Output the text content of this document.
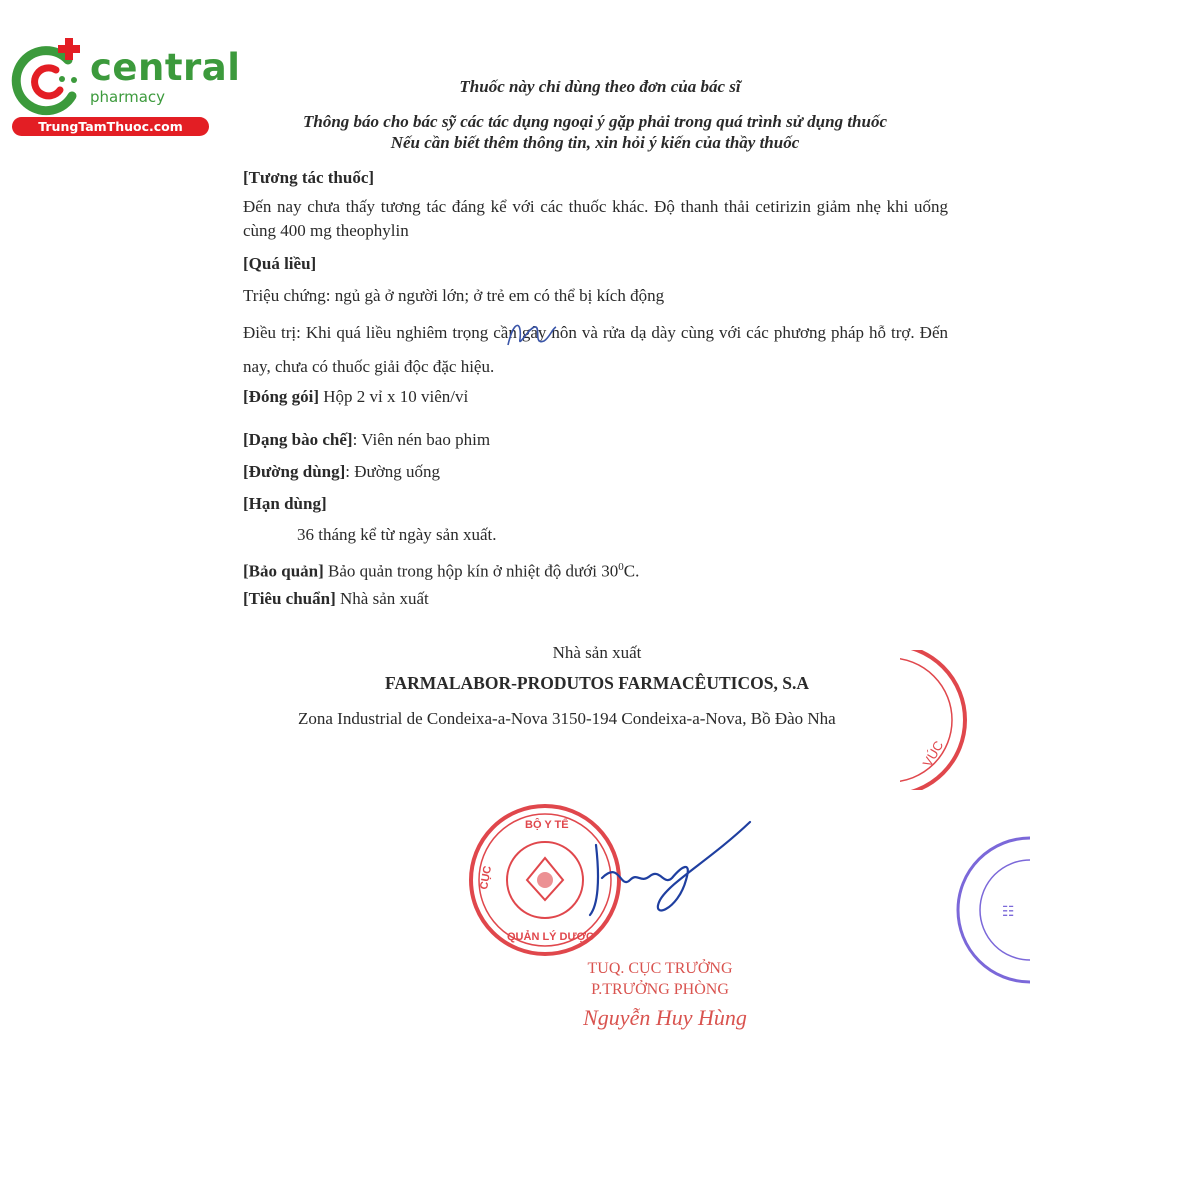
central
pharmacy
TrungTamThuoc.com
Thuốc này chỉ dùng theo đơn của bác sĩ
Thông báo cho bác sỹ các tác dụng ngoại ý gặp phải trong quá trình sử dụng thuốc
Nếu cần biết thêm thông tin, xin hỏi ý kiến của thầy thuốc
[Tương tác thuốc]
Đến nay chưa thấy tương tác đáng kể với các thuốc khác. Độ thanh thải cetirizin giảm nhẹ khi uống cùng 400 mg theophylin
[Quá liều]
Triệu chứng: ngủ gà ở người lớn; ở trẻ em có thể bị kích động
Điều trị: Khi quá liều nghiêm trọng cần gây nôn và rửa dạ dày cùng với các phương pháp hỗ trợ. Đến nay, chưa có thuốc giải độc đặc hiệu.
[Đóng gói] Hộp 2 vỉ x 10 viên/vỉ
[Dạng bào chế]: Viên nén bao phim
[Đường dùng]: Đường uống
[Hạn dùng]
36 tháng kể từ ngày sản xuất.
[Bảo quản] Bảo quản trong hộp kín ở nhiệt độ dưới $30^0C$.
[Tiêu chuẩn] Nhà sản xuất
Nhà sản xuất
FARMALABOR-PRODUTOS FARMACÊUTICOS, S.A
Zona Industrial de Condeixa-a-Nova 3150-194 Condeixa-a-Nova, Bồ Đào Nha
VÚC
BỘ Y TẾ
CỤC
QUẢN LÝ DƯỢC
TUQ. CỤC TRƯỞNG
P.TRƯỞNG PHÒNG
Nguyễn Huy Hùng
☷
